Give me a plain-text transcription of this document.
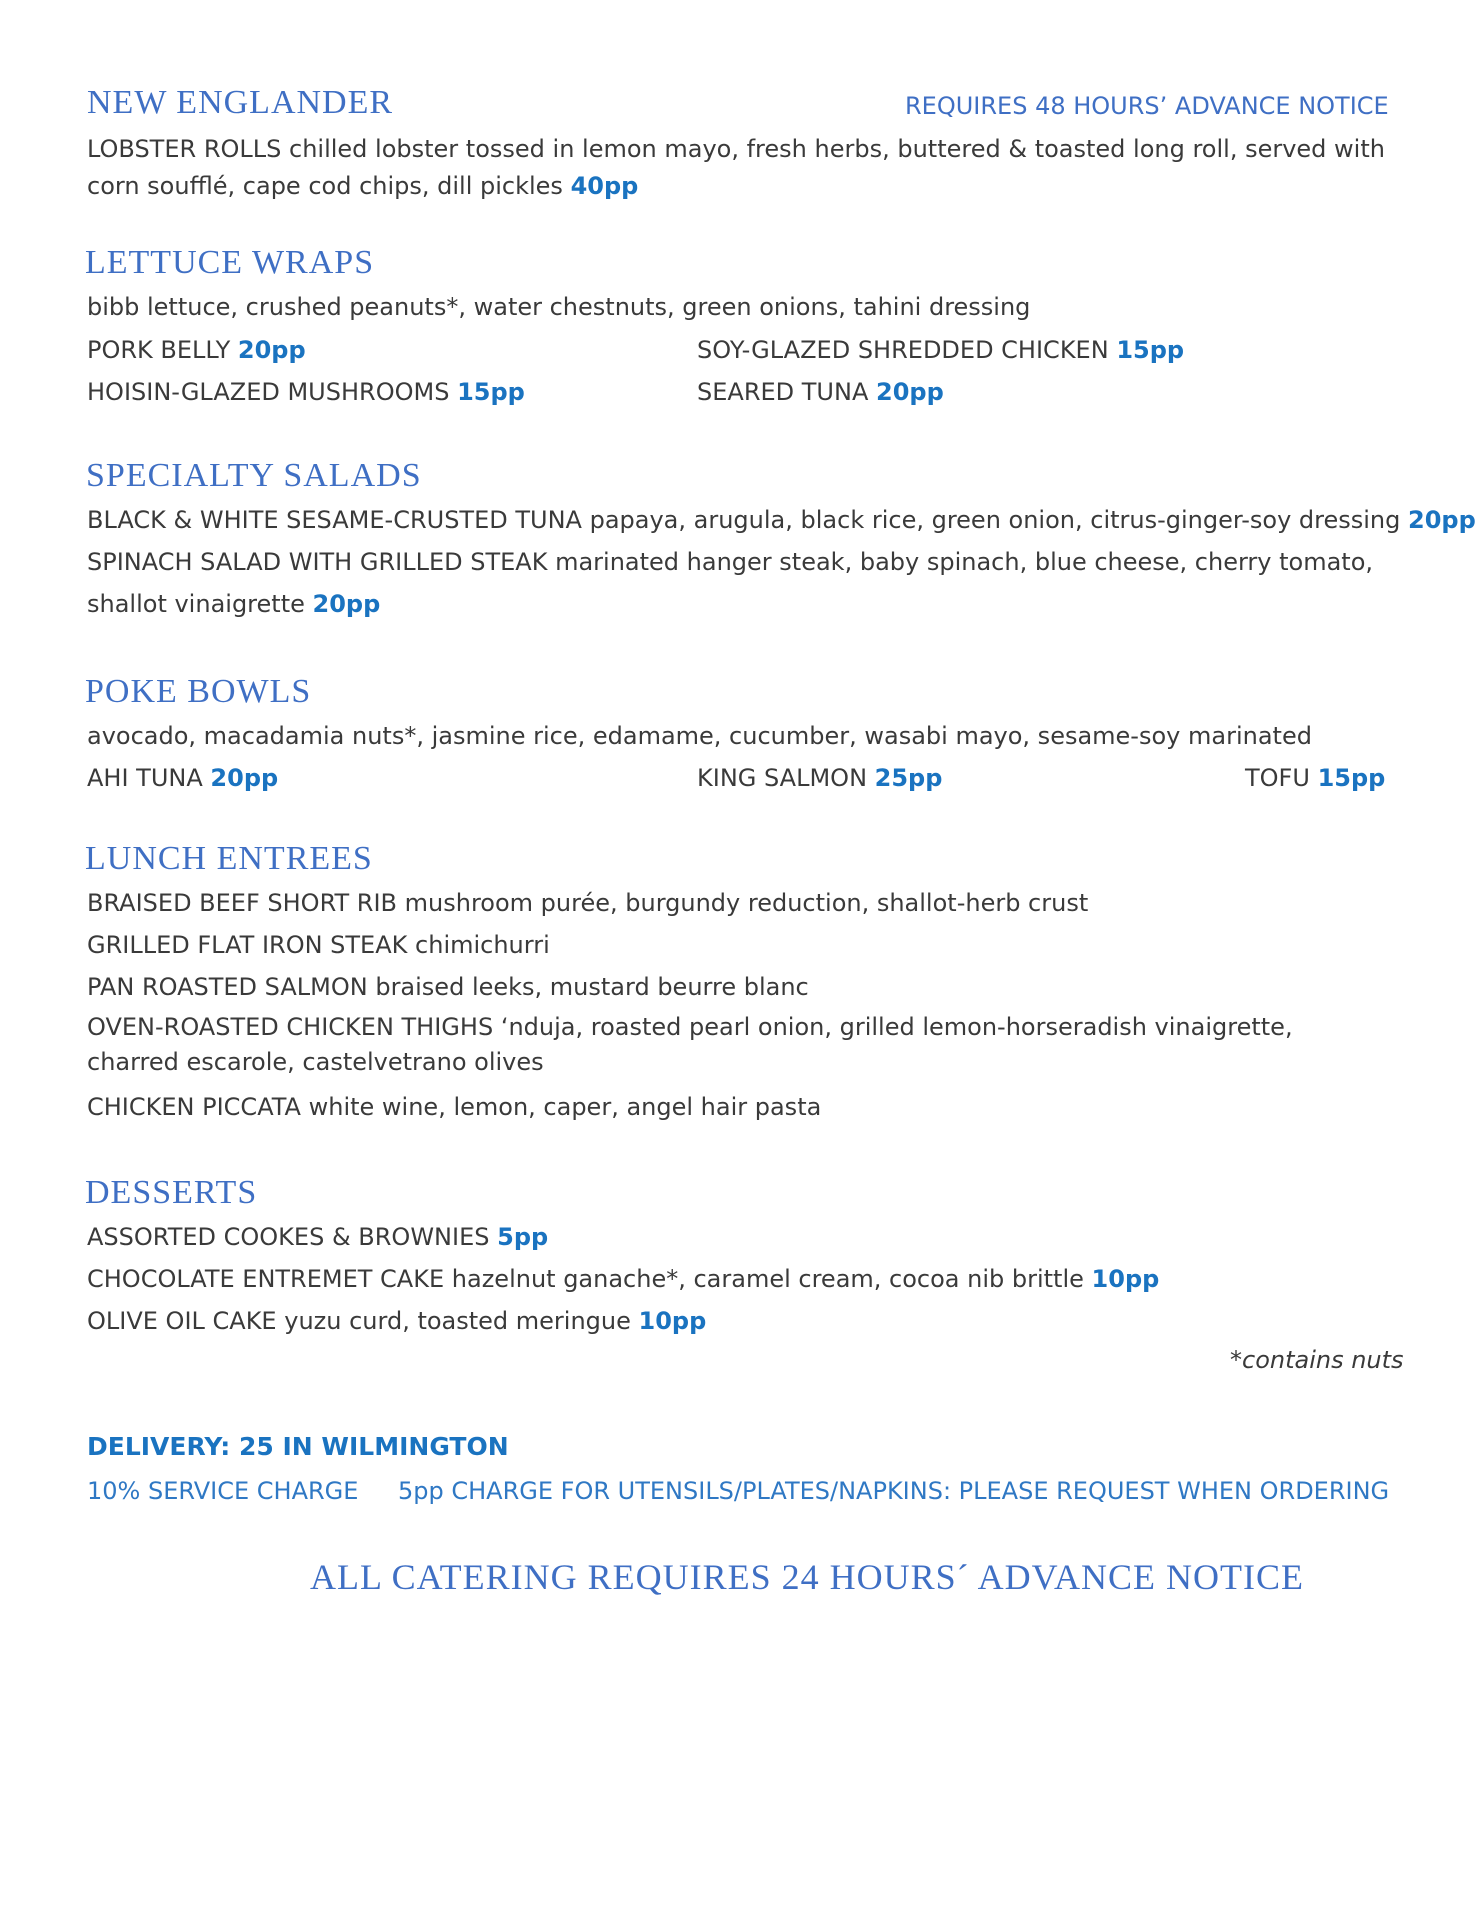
NEW ENGLANDER	REQUIRES 48 HOURS’ ADVANCE NOTICE
LOBSTER ROLLS chilled lobster tossed in lemon mayo, fresh herbs, buttered & toasted long roll, served with corn soufflé, cape cod chips, dill pickles 40pp
LETTUCE WRAPS
bibb lettuce, crushed peanuts*, water chestnuts, green onions, tahini dressing
PORK BELLY 20pp	SOY-GLAZED SHREDDED CHICKEN 15pp
HOISIN-GLAZED MUSHROOMS 15pp	SEARED TUNA 20pp
SPECIALTY SALADS
BLACK & WHITE SESAME-CRUSTED TUNA papaya, arugula, black rice, green onion, citrus-ginger-soy dressing 20pp
SPINACH SALAD WITH GRILLED STEAK marinated hanger steak, baby spinach, blue cheese, cherry tomato,
shallot vinaigrette 20pp
POKE BOWLS
avocado, macadamia nuts*, jasmine rice, edamame, cucumber, wasabi mayo, sesame-soy marinated
AHI TUNA 20pp	KING SALMON 25pp	TOFU 15pp
LUNCH ENTREES
BRAISED BEEF SHORT RIB mushroom purée, burgundy reduction, shallot-herb crust
GRILLED FLAT IRON STEAK chimichurri
PAN ROASTED SALMON braised leeks, mustard beurre blanc
OVEN-ROASTED CHICKEN THIGHS ‘nduja, roasted pearl onion, grilled lemon-horseradish vinaigrette, charred escarole, castelvetrano olives
CHICKEN PICCATA white wine, lemon, caper, angel hair pasta
DESSERTS
ASSORTED COOKES & BROWNIES 5pp
CHOCOLATE ENTREMET CAKE hazelnut ganache*, caramel cream, cocoa nib brittle 10pp
OLIVE OIL CAKE yuzu curd, toasted meringue 10pp
*contains nuts
DELIVERY: 25 IN WILMINGTON
10% SERVICE CHARGE 5pp CHARGE FOR UTENSILS/PLATES/NAPKINS: PLEASE REQUEST WHEN ORDERING
ALL CATERING REQUIRES 24 HOURS´ ADVANCE NOTICE
